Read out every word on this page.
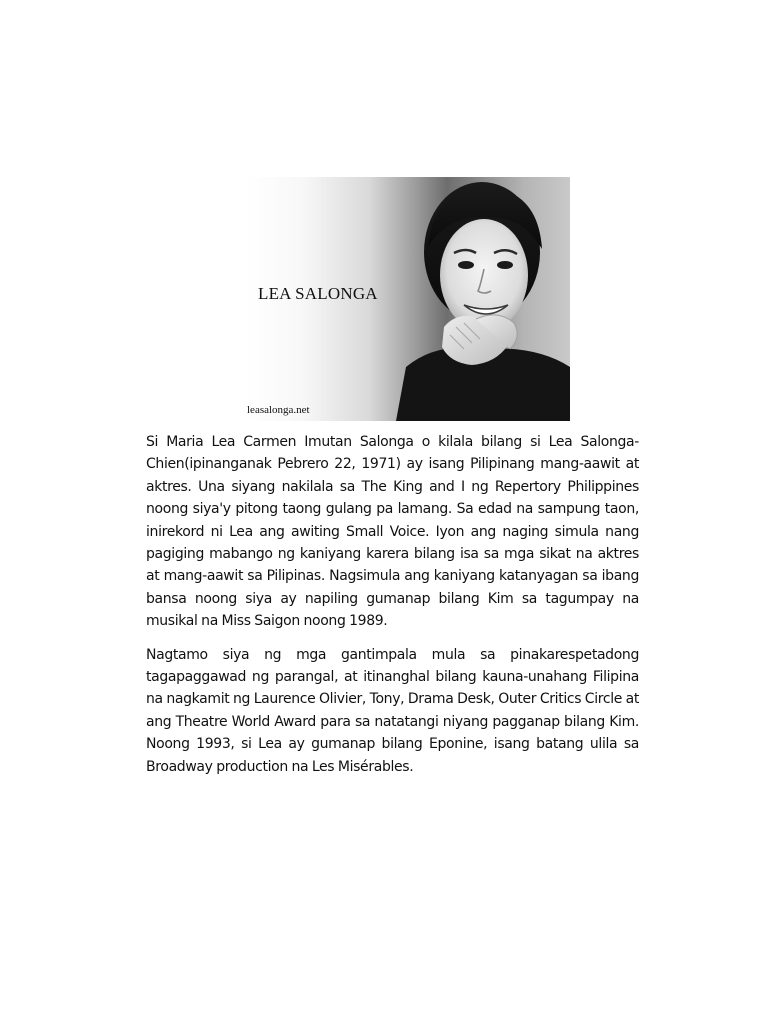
LEA SALONGA
leasalonga.net

Si Maria Lea Carmen Imutan Salonga o kilala bilang si Lea Salonga-Chien(ipinanganak Pebrero 22, 1971) ay isang Pilipinang mang-aawit at aktres. Una siyang nakilala sa The King and I ng Repertory Philippines noong siya'y pitong taong gulang pa lamang. Sa edad na sampung taon, inirekord ni Lea ang awiting Small Voice. Iyon ang naging simula nang pagiging mabango ng kaniyang karera bilang isa sa mga sikat na aktres at mang-aawit sa Pilipinas. Nagsimula ang kaniyang katanyagan sa ibang bansa noong siya ay napiling gumanap bilang Kim sa tagumpay na musikal na Miss Saigon noong 1989.

Nagtamo siya ng mga gantimpala mula sa pinakarespetadong tagapaggawad ng parangal, at itinanghal bilang kauna-unahang Filipina na nagkamit ng Laurence Olivier, Tony, Drama Desk, Outer Critics Circle at ang Theatre World Award para sa natatangi niyang pagganap bilang Kim. Noong 1993, si Lea ay gumanap bilang Eponine, isang batang ulila sa Broadway production na Les Misérables.
